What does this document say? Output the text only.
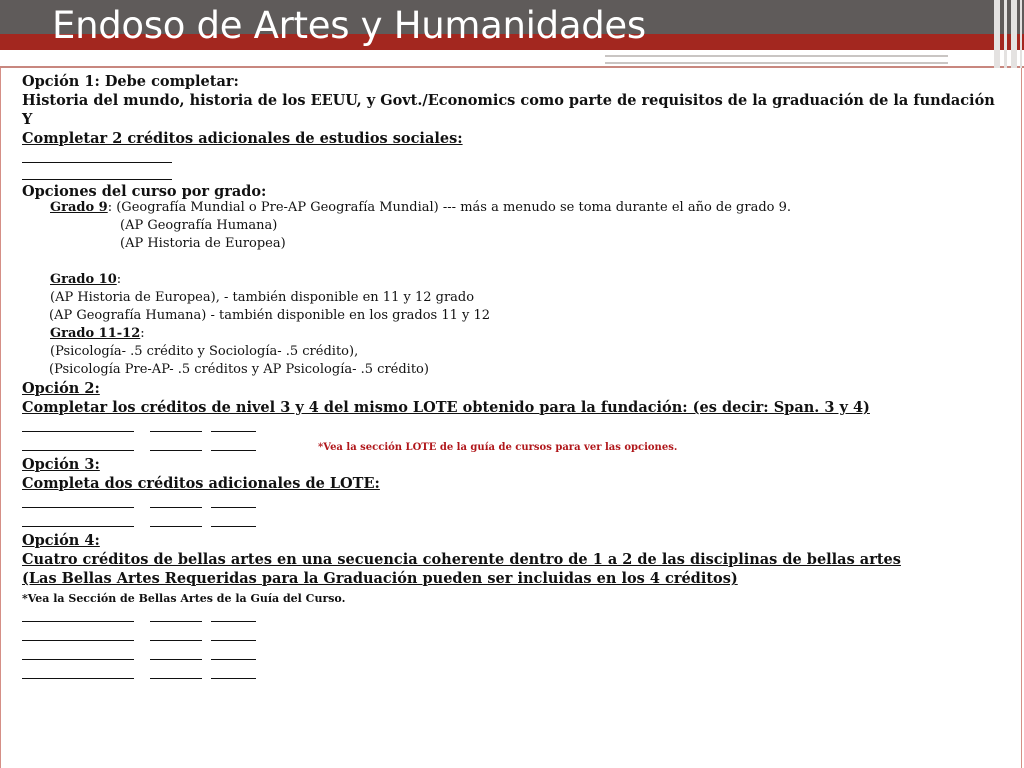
Endoso de Artes y Humanidades
Opción 1: Debe completar:
Historia del mundo, historia de los EEUU, y Govt./Economics como parte de requisitos de la graduación de la fundación
Y
Completar 2 créditos adicionales de estudios sociales:
Opciones del curso por grado:
Grado 9: (Geografía Mundial o Pre-AP Geografía Mundial) --- más a menudo se toma durante el año de grado 9.
(AP Geografía Humana)
(AP Historia de Europea)
Grado 10:
(AP Historia de Europea), - también disponible en 11 y 12 grado
(AP Geografía Humana) - también disponible en los grados 11 y 12
Grado 11-12:
(Psicología- .5 crédito y Sociología- .5 crédito),
(Psicología Pre-AP- .5 créditos y AP Psicología- .5 crédito)
Opción 2:
Completar los créditos de nivel 3 y 4 del mismo LOTE obtenido para la fundación: (es decir: Span. 3 y 4)
Opción 3:
Completa dos créditos adicionales de LOTE:
Opción 4:
Cuatro créditos de bellas artes en una secuencia coherente dentro de 1 a 2 de las disciplinas de bellas artes
(Las Bellas Artes Requeridas para la Graduación pueden ser incluidas en los 4 créditos)
*Vea la Sección de Bellas Artes de la Guía del Curso.
*Vea la sección LOTE de la guía de cursos para ver las opciones.
